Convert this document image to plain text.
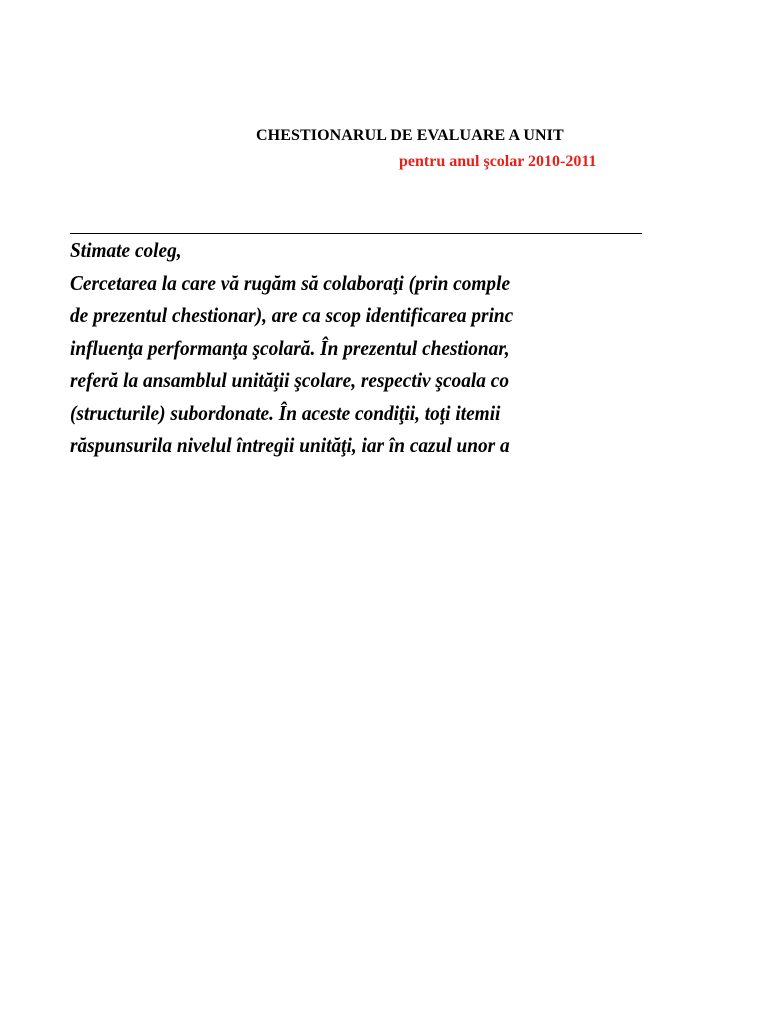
CHESTIONARUL DE EVALUARE A UNIT
pentru anul şcolar 2010-2011
Stimate coleg,
Cercetarea la care vă rugăm să colaboraţi (prin comple
de prezentul chestionar), are ca scop identificarea princ
influenţa performanţa şcolară. În prezentul chestionar,
referă la ansamblul unităţii şcolare, respectiv şcoala co
(structurile) subordonate. În aceste condiţii, toţi itemii
răspunsurila nivelul întregii unităţi, iar în cazul unor a
